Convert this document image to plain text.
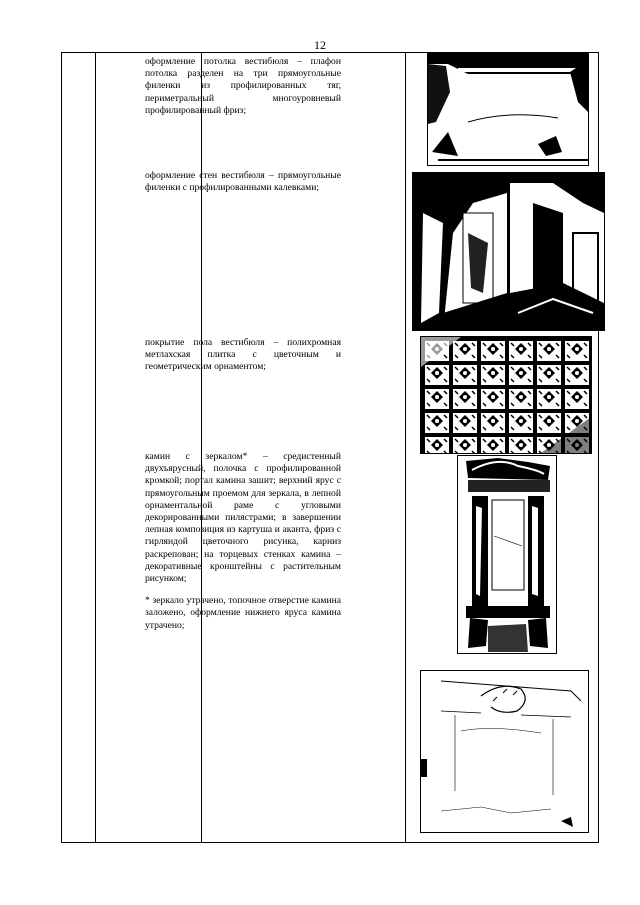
12

оформление потолка вестибюля – плафон потолка разделен на три прямоугольные филенки из профилированных тяг, периметральный многоуровневый профилированный фриз;

оформление стен вестибюля – прямоугольные филенки с профилированными калевками;

покрытие пола вестибюля – полихромная метлахская плитка с цветочным и геометрическим орнаментом;

камин с зеркалом* – средистенный двухъярусный, полочка с профилированной кромкой; портал камина зашит; верхний ярус с прямоугольным проемом для зеркала, в лепной орнаментальной раме с угловыми декорированными пилястрами; в завершении лепная композиция из картуша и аканта, фриз с гирляндой цветочного рисунка, карниз раскрепован; на торцевых стенках камина – декоративные кронштейны с растительным рисунком;

* зеркало утрачено, топочное отверстие камина заложено, оформление нижнего яруса камина утрачено;
